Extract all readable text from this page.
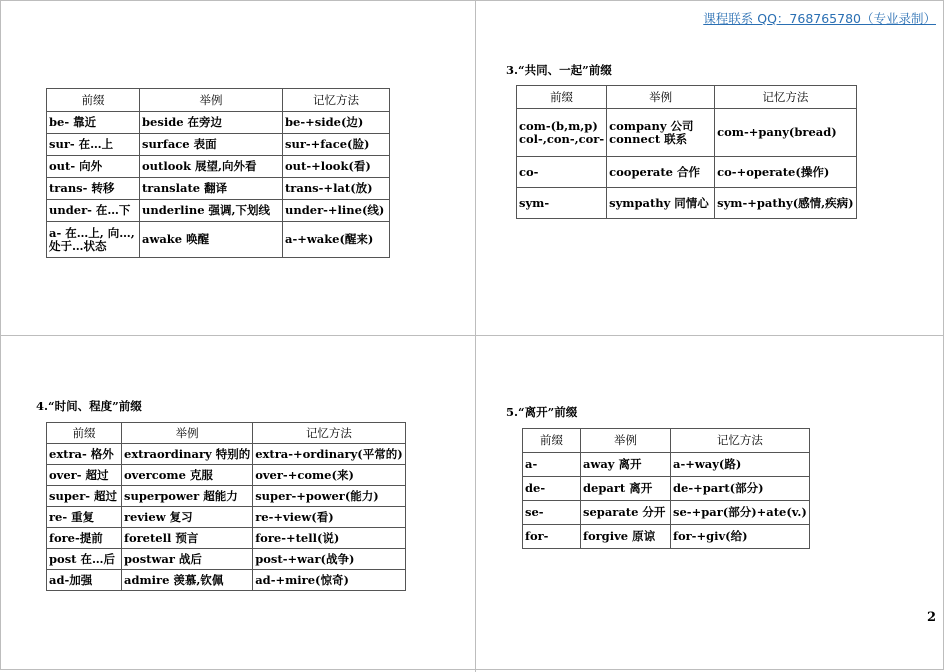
课程联系 QQ：768765780（专业录制）
前缀	举例	记忆方法
be- 靠近	beside 在旁边	be-+side(边)
sur- 在…上	surface 表面	sur-+face(脸)
out- 向外	outlook 展望,向外看	out-+look(看)
trans- 转移	translate 翻译	trans-+lat(放)
under- 在…下	underline 强调,下划线	under-+line(线)
a- 在…上, 向…, 处于…状态	awake 唤醒	a-+wake(醒来)
3.“共同、一起”前缀
前缀	举例	记忆方法
com-(b,m,p) col-,con-,cor-	company 公司 connect 联系	com-+pany(bread)
co-	cooperate 合作	co-+operate(操作)
sym-	sympathy 同情心	sym-+pathy(感情,疾病)
4.“时间、程度”前缀
前缀	举例	记忆方法
extra- 格外	extraordinary 特别的	extra-+ordinary(平常的)
over- 超过	overcome 克服	over-+come(来)
super- 超过	superpower 超能力	super-+power(能力)
re- 重复	review 复习	re-+view(看)
fore-提前	foretell 预言	fore-+tell(说)
post 在…后	postwar 战后	post-+war(战争)
ad-加强	admire 羡慕,钦佩	ad-+mire(惊奇)
5.“离开”前缀
前缀	举例	记忆方法
a-	away 离开	a-+way(路)
de-	depart 离开	de-+part(部分)
se-	separate 分开	se-+par(部分)+ate(v.)
for-	forgive 原谅	for-+giv(给)
2
